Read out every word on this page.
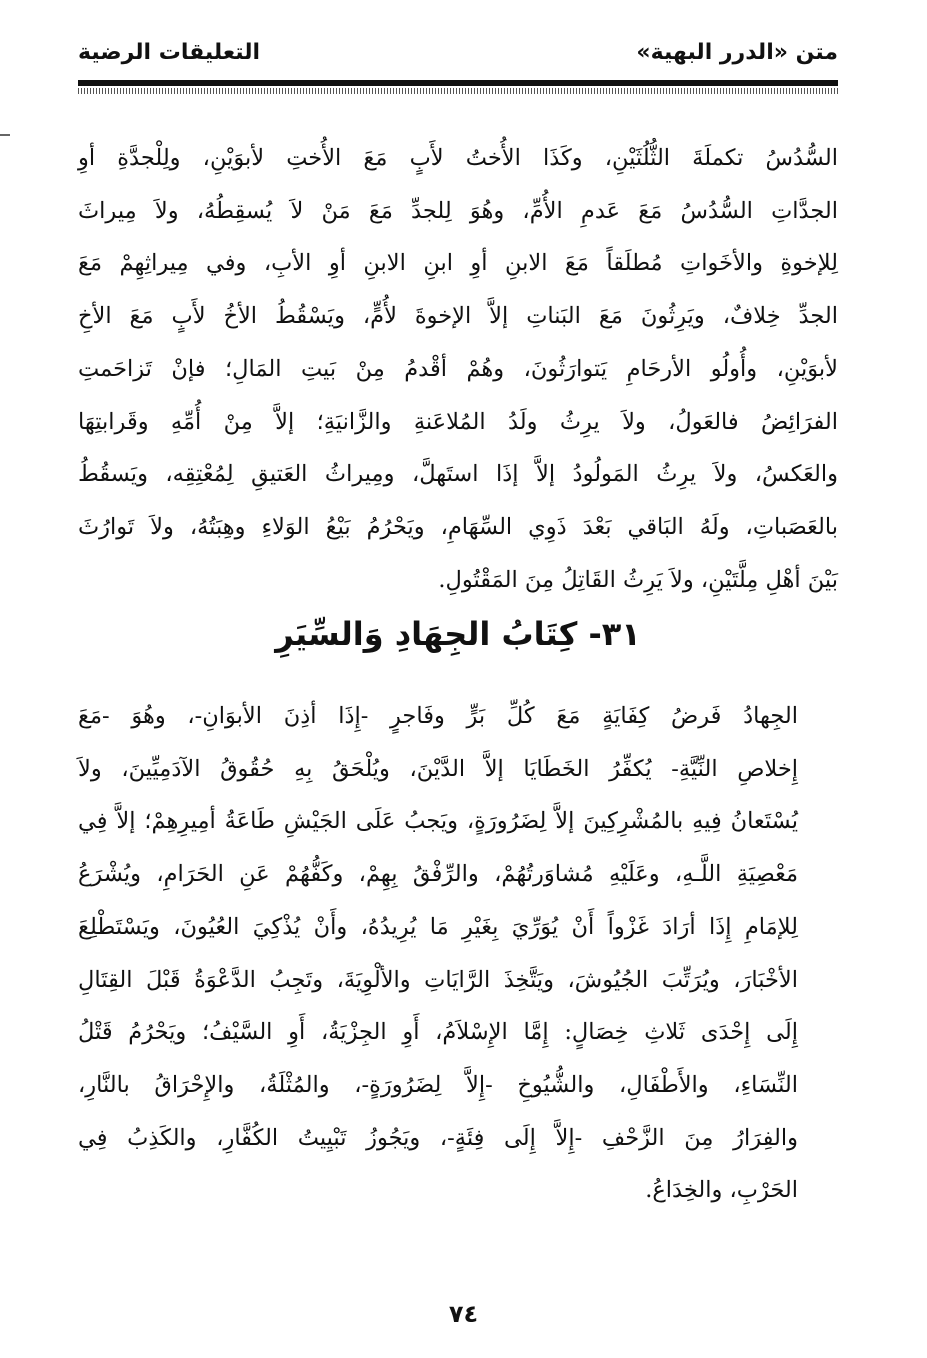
متن «الدرر البهية»
التعليقات الرضية
السُّدُسُ تكملَةَ الثُّلُثَيْنِ، وكَذَا الأُختُ لأَبٍ مَعَ الأُختِ لأبوَيْنِ، ولِلْجدَّةِ أوِ
الجدَّاتِ السُّدُسُ مَعَ عَدمِ الأُمِّ، وهُوَ لِلجدِّ مَعَ مَنْ لاَ يُسقِطُهُ، ولاَ مِيراثَ
لِلإخوةِ والأخَواتِ مُطلَقاً مَعَ الابنِ أوِ ابنِ الابنِ أوِ الأبِ، وفي مِيراثِهِمْ مَعَ
الجدِّ خِلافٌ، ويَرِثُونَ مَعَ البَناتِ إلاَّ الإخوةَ لأُمٍّ، ويَسْقُطُ الأخُ لأَبٍ مَعَ الأخِ
لأبوَيْنِ، وأُولُو الأرحَامِ يَتوارَثُونَ، وهُمْ أقْدمُ مِنْ بَيتِ المَالِ؛ فإنْ تَزاحَمتِ
الفرَائِضُ فالعَولُ، ولاَ يرِثُ ولَدُ المُلاعَنةِ والزَّانيَةِ؛ إلاَّ مِنْ أُمِّهِ وقَرابتِهَا
والعَكسُ، ولاَ يرِثُ المَولُودُ إلاَّ إذَا استَهلَّ، ومِيراثُ العَتيقِ لِمُعْتِقِه، ويَسقُطُ
بالعَصَباتِ، ولَهُ البَاقي بَعْدَ ذَوِي السِّهَامِ، ويَحْرُمُ بَيْعُ الوَلاءِ وهِبَتُهُ، ولاَ تَوارُثَ
بَيْنَ أهْلِ مِلَّتَيْنِ، ولاَ يَرِثُ القَاتِلُ مِنَ المَقْتُولِ.
٣١- كِتَابُ الجِهَادِ وَالسِّيَرِ
الجِهادُ فَرضُ كِفَايَةٍ مَعَ كُلِّ بَرٍّ وفَاجرٍ -إِذَا أذِنَ الأبوَانِ-، وهُوَ -مَعَ
إِخلاصِ النِّيَّةِ- يُكفِّرُ الخَطَايَا إلاَّ الدَّيْنَ، ويُلْحَقُ بِهِ حُقُوقُ الآدَمِيِّينَ، ولاَ
يُسْتَعانُ فِيهِ بالمُشْرِكِينَ إلاَّ لِضَرُورَةٍ، ويَجبُ عَلَى الجَيْشِ طَاعَةُ أمِيرِهِمْ؛ إلاَّ فِي
مَعْصِيَةِ اللَّـهِ، وعَلَيْهِ مُشاوَرتُهُمْ، والرِّفْقُ بِهِمْ، وكَفُّهُمْ عَنِ الحَرَامِ، ويُشْرَعُ
لِلإمَامِ إِذَا أرَادَ غَزْواً أَنْ يُوَرِّيَ بِغَيْرِ مَا يُرِيدُهُ، وأَنْ يُذْكِيَ العُيُونَ، ويَسْتَطْلِعَ
الأخْبَارَ، ويُرَتِّبَ الجُيُوشَ، ويَتَّخِذَ الرَّايَاتِ والألْوِيَةَ، وتَجِبُ الدَّعْوَةُ قَبْلَ القِتَالِ
إِلَى إِحْدَى ثَلاثِ خِصَالٍ: إِمَّا الإِسْلاَمُ، أَوِ الجِزْيَةُ، أَوِ السَّيْفُ؛ ويَحْرُمُ قَتْلُ
النِّسَاءِ، والأَطْفَالِ، والشُّيُوخِ -إِلاَّ لِضَرُورَةٍ-، والمُثْلَةُ، والإِحْرَاقُ بالنَّارِ،
والفِرَارُ مِنَ الزَّحْفِ -إِلاَّ إِلَى فِئَةٍ-، ويَجُوزُ تَبْيِيتُ الكُفَّارِ، والكَذِبُ فِي
الحَرْبِ، والخِدَاعُ.
٧٤
